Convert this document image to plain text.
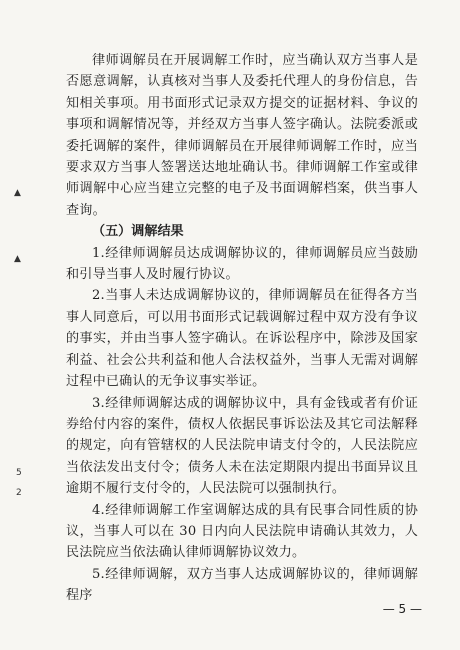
▲
▲
5
2

律师调解员在开展调解工作时，应当确认双方当事人是否愿意调解，认真核对当事人及委托代理人的身份信息，告知相关事项。用书面形式记录双方提交的证据材料、争议的事项和调解情况等，并经双方当事人签字确认。法院委派或委托调解的案件，律师调解员在开展律师调解工作时，应当要求双方当事人签署送达地址确认书。律师调解工作室或律师调解中心应当建立完整的电子及书面调解档案，供当事人查询。

（五）调解结果

1.经律师调解员达成调解协议的，律师调解员应当鼓励和引导当事人及时履行协议。

2.当事人未达成调解协议的，律师调解员在征得各方当事人同意后，可以用书面形式记载调解过程中双方没有争议的事实，并由当事人签字确认。在诉讼程序中，除涉及国家利益、社会公共利益和他人合法权益外，当事人无需对调解过程中已确认的无争议事实举证。

3.经律师调解达成的调解协议中，具有金钱或者有价证券给付内容的案件，债权人依据民事诉讼法及其它司法解释的规定，向有管辖权的人民法院申请支付令的，人民法院应当依法发出支付令；债务人未在法定期限内提出书面异议且逾期不履行支付令的，人民法院可以强制执行。

4.经律师调解工作室调解达成的具有民事合同性质的协议，当事人可以在 30 日内向人民法院申请确认其效力，人民法院应当依法确认律师调解协议效力。

5.经律师调解，双方当事人达成调解协议的，律师调解程序

— 5 —
